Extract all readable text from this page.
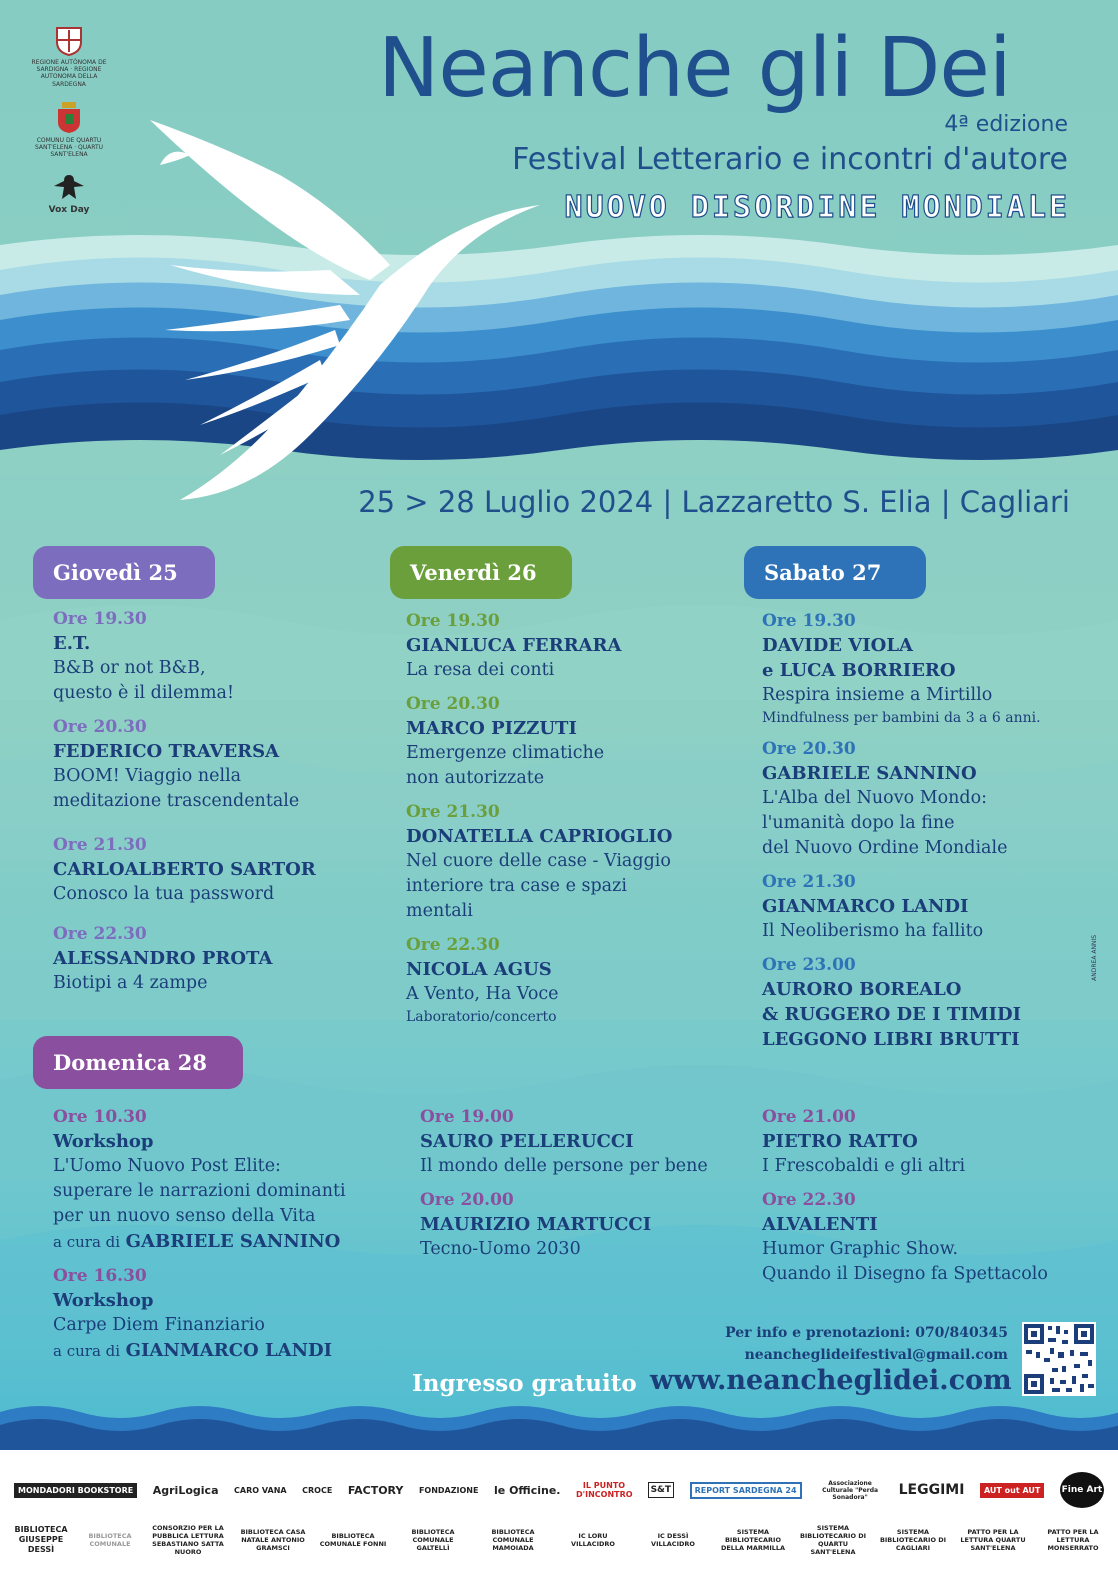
REGIONE AUTÒNOMA DE SARDIGNA · REGIONE AUTONOMA DELLA SARDEGNA
COMUNU DE QUARTU SANT'ELENA · QUARTU SANT'ELENA
Vox Day
Neanche gli Dei
4ª edizione
Festival Letterario e incontri d'autore
NUOVO DISORDINE MONDIALE
25 > 28 Luglio 2024 | Lazzaretto S. Elia | Cagliari
Giovedì 25	Venerdì 26	Sabato 27
Domenica 28
Ore 19.30
E.T.
B&B or not B&B,
questo è il dilemma!
Ore 20.30
FEDERICO TRAVERSA
BOOM! Viaggio nella
meditazione trascendentale
Ore 21.30
CARLOALBERTO SARTOR
Conosco la tua password
Ore 22.30
ALESSANDRO PROTA
Biotipi a 4 zampe
Ore 19.30
GIANLUCA FERRARA
La resa dei conti
Ore 20.30
MARCO PIZZUTI
Emergenze climatiche
non autorizzate
Ore 21.30
DONATELLA CAPRIOGLIO
Nel cuore delle case - Viaggio
interiore tra case e spazi
mentali
Ore 22.30
NICOLA AGUS
A Vento, Ha Voce
Laboratorio/concerto
Ore 19.30
DAVIDE VIOLA
e LUCA BORRIERO
Respira insieme a Mirtillo
Mindfulness per bambini da 3 a 6 anni.
Ore 20.30
GABRIELE SANNINO
L'Alba del Nuovo Mondo:
l'umanità dopo la fine
del Nuovo Ordine Mondiale
Ore 21.30
GIANMARCO LANDI
Il Neoliberismo ha fallito
Ore 23.00
AURORO BOREALO
& RUGGERO DE I TIMIDI
LEGGONO LIBRI BRUTTI
Ore 10.30
Workshop
L'Uomo Nuovo Post Elite:
superare le narrazioni dominanti
per un nuovo senso della Vita
a cura di GABRIELE SANNINO
Ore 16.30
Workshop
Carpe Diem Finanziario
a cura di GIANMARCO LANDI
Ore 19.00
SAURO PELLERUCCI
Il mondo delle persone per bene
Ore 20.00
MAURIZIO MARTUCCI
Tecno-Uomo 2030
Ore 21.00
PIETRO RATTO
I Frescobaldi e gli altri
Ore 22.30
ALVALENTI
Humor Graphic Show.
Quando il Disegno fa Spettacolo
ANDREA ANNIS
Per info e prenotazioni: 070/840345
neancheglideifestival@gmail.com
Ingresso gratuito www.neancheglidei.com
MONDADORI BOOKSTORE	AgriLogica CARO VANA CROCE FACTORY FONDAZIONE le Officine.	IL PUNTO D'INCONTRO	S&T	REPORT SARDEGNA 24
Associazione Culturale "Perda Sonadora"	LEGGIMI	AUT out AUT	Fine Art
BIBLIOTECA GIUSEPPE DESSÌ
BIBLIOTECA COMUNALE
CONSORZIO PER LA PUBBLICA LETTURA SEBASTIANO SATTA NUORO
BIBLIOTECA CASA NATALE ANTONIO GRAMSCI
BIBLIOTECA COMUNALE FONNI
BIBLIOTECA COMUNALE GALTELLÌ
BIBLIOTECA COMUNALE MAMOIADA
IC LORU VILLACIDRO
IC DESSÌ VILLACIDRO
SISTEMA BIBLIOTECARIO DELLA MARMILLA
SISTEMA BIBLIOTECARIO DI QUARTU SANT'ELENA
SISTEMA BIBLIOTECARIO DI CAGLIARI
PATTO PER LA LETTURA QUARTU SANT'ELENA
PATTO PER LA LETTURA MONSERRATO
